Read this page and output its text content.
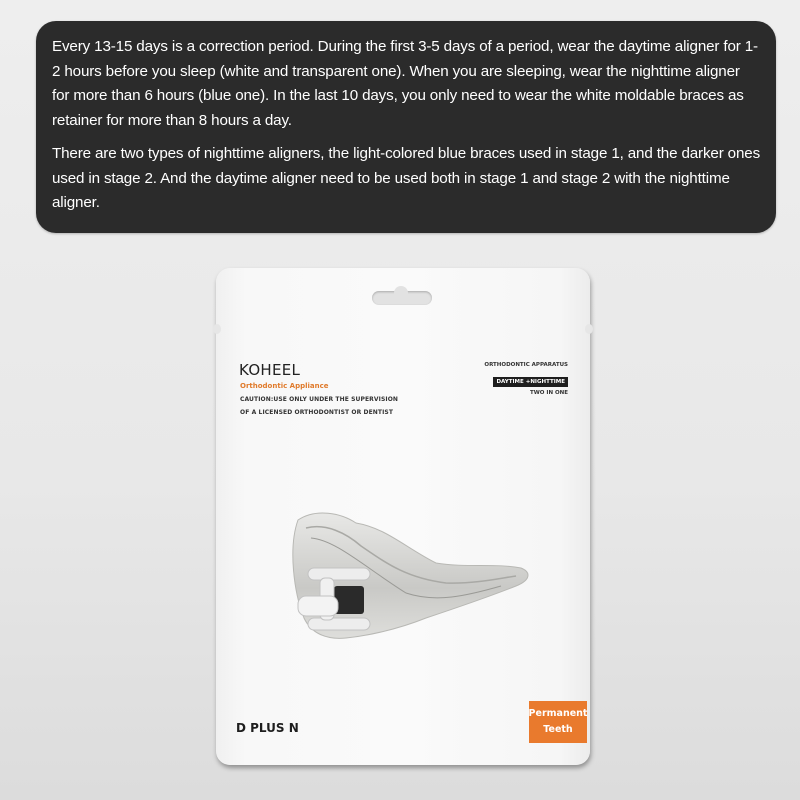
Every 13-15 days is a correction period. During the first 3-5 days of a period, wear the daytime aligner for 1-2 hours before you sleep (white and transparent one). When you are sleeping, wear the nighttime aligner for more than 6 hours (blue one). In the last 10 days, you only need to wear the white moldable braces as retainer for more than 8 hours a day.

There are two types of nighttime aligners, the light-colored blue braces used in stage 1, and the darker ones used in stage 2. And the daytime aligner need to be used both in stage 1 and stage 2 with the nighttime aligner.

KOHEEL
Orthodontic Appliance
CAUTION:USE ONLY UNDER THE SUPERVISION
OF A LICENSED ORTHODONTIST OR DENTIST
ORTHODONTIC APPARATUS
DAYTIME +NIGHTTIME
TWO IN ONE
D PLUS N
Permanent
Teeth
